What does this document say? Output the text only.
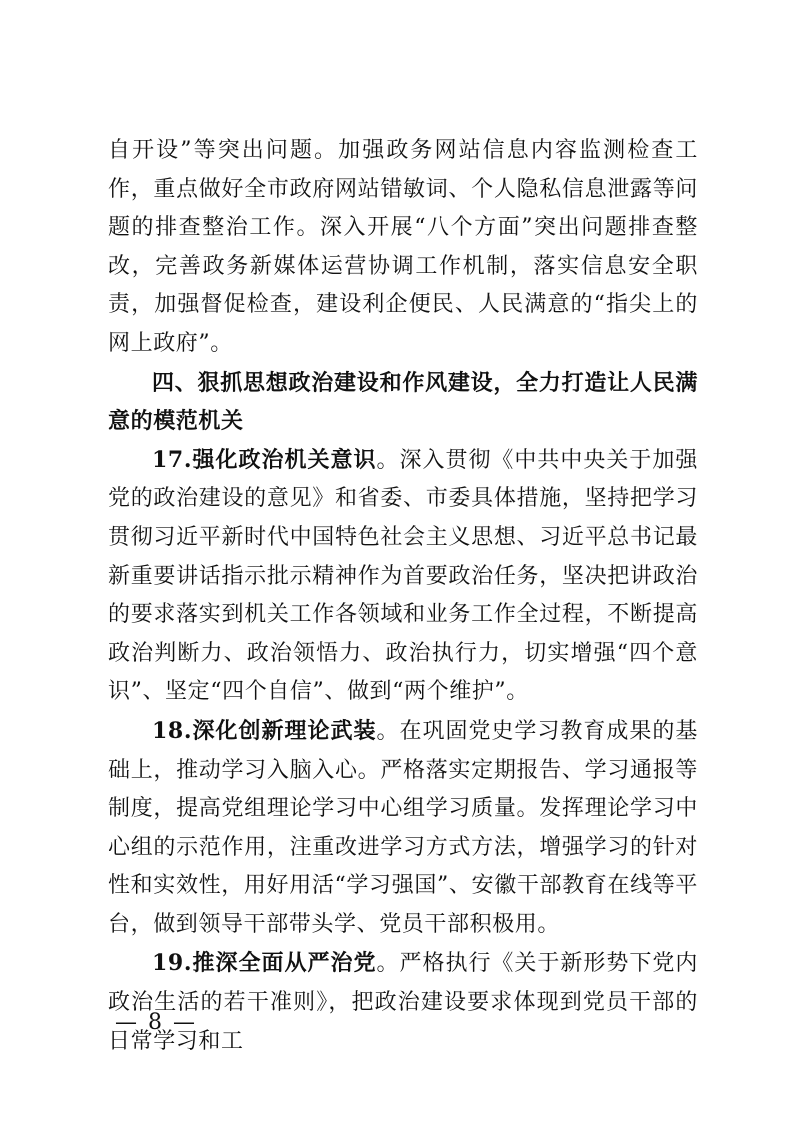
自开设”等突出问题。加强政务网站信息内容监测检查工作，重点做好全市政府网站错敏词、个人隐私信息泄露等问题的排查整治工作。深入开展“八个方面”突出问题排查整改，完善政务新媒体运营协调工作机制，落实信息安全职责，加强督促检查，建设利企便民、人民满意的“指尖上的网上政府”。

四、狠抓思想政治建设和作风建设，全力打造让人民满意的模范机关

17.强化政治机关意识。深入贯彻《中共中央关于加强党的政治建设的意见》和省委、市委具体措施，坚持把学习贯彻习近平新时代中国特色社会主义思想、习近平总书记最新重要讲话指示批示精神作为首要政治任务，坚决把讲政治的要求落实到机关工作各领域和业务工作全过程，不断提高政治判断力、政治领悟力、政治执行力，切实增强“四个意识”、坚定“四个自信”、做到“两个维护”。

18.深化创新理论武装。在巩固党史学习教育成果的基础上，推动学习入脑入心。严格落实定期报告、学习通报等制度，提高党组理论学习中心组学习质量。发挥理论学习中心组的示范作用，注重改进学习方式方法，增强学习的针对性和实效性，用好用活“学习强国”、安徽干部教育在线等平台，做到领导干部带头学、党员干部积极用。

19.推深全面从严治党。严格执行《关于新形势下党内政治生活的若干准则》，把政治建设要求体现到党员干部的日常学习和工

— 8 —
